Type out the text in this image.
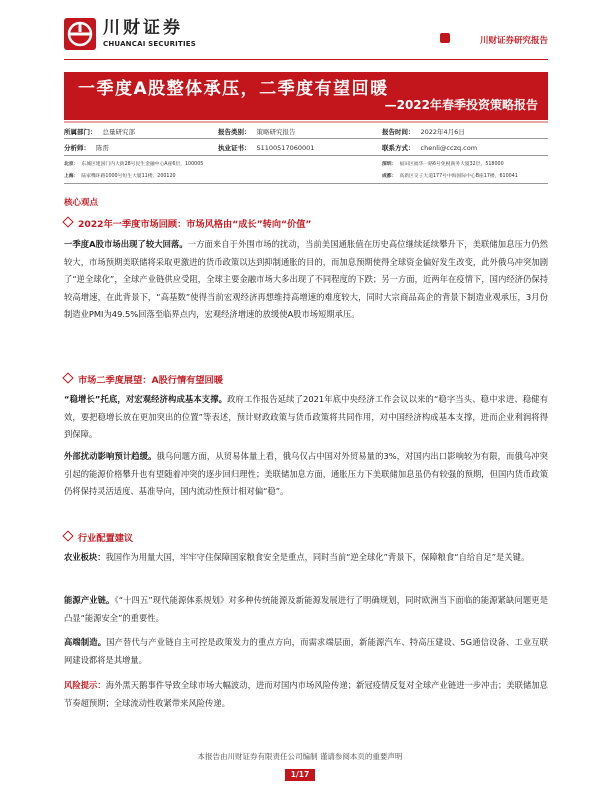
川财证券
CHUANCAI SECURITIES	川财证券研究报告
一季度A股整体承压，二季度有望回暖
—2022年春季投资策略报告
所属部门： 总量研究部	报告类别： 策略研究报告	报告时间： 2022年4月6日
分析师： 陈雳	执业证书： S1100517060001	联系方式： chenli@cczq.com
北京： 东城区建国门内大街28号民生金融中心A座6层，100005	深圳： 福田区福华一路6号免税商务大厦32层，518000
上海： 陆家嘴环路1000号恒生大厦11楼，200120	成都： 高新区交子大道177号中海国际中心B座17楼，610041
核心观点
2022年一季度市场回顾：市场风格由“成长”转向“价值”
一季度A股市场出现了较大回落。一方面来自于外围市场的扰动，当前美国通胀值在历史高位继续延续攀升下，美联储加息压力仍然较大，市场预期美联储将采取更激进的货币政策以达到抑制通胀的目的，而加息预期使得全球资金偏好发生改变，此外俄乌冲突加剧了“逆全球化”，全球产业链供应受阻，全球主要金融市场大多出现了不同程度的下跌；另一方面，近两年在疫情下，国内经济仍保持较高增速，在此背景下，“高基数”使得当前宏观经济再想维持高增速的难度较大，同时大宗商品高企的背景下制造业观承压，3月份制造业PMI为49.5%回落至临界点内，宏观经济增速的放缓使A股市场短期承压。
市场二季度展望：A股行情有望回暖
“稳增长”托底，对宏观经济构成基本支撑。政府工作报告延续了2021年底中央经济工作会议以来的“稳字当头、稳中求进、稳健有效，要把稳增长放在更加突出的位置”等表述，预计财政政策与货币政策将共同作用，对中国经济构成基本支撑，进而企业利润将得到保障。
外部扰动影响预计趋缓。俄乌问题方面，从贸易体量上看，俄乌仅占中国对外贸易量的3%，对国内出口影响较为有限，而俄乌冲突引起的能源价格攀升也有望随着冲突的逐步回归理性；美联储加息方面，通胀压力下美联储加息虽仍有较强的预期，但国内货币政策仍将保持灵活适度、基准导向，国内流动性预计相对偏“稳”。
行业配置建议
农业板块：我国作为用量大国，牢牢守住保障国家粮食安全是重点，同时当前“逆全球化”背景下，保障粮食“自给自足”是关键。
能源产业链。《“十四五”现代能源体系规划》对多种传统能源及新能源发展进行了明确规划，同时欧洲当下面临的能源紧缺问题更是凸显“能源安全”的重要性。
高端制造。国产替代与产业链自主可控是政策发力的重点方向，而需求端层面，新能源汽车、特高压建设、5G通信设备、工业互联网建设都将是其增量。
风险提示：海外黑天鹅事件导致全球市场大幅波动，进而对国内市场风险传递；新冠疫情反复对全球产业链进一步冲击；美联储加息节奏超预期；全球流动性收紧带来风险传递。
本报告由川财证券有限责任公司编制 谨请参阅本页的重要声明
1/17
